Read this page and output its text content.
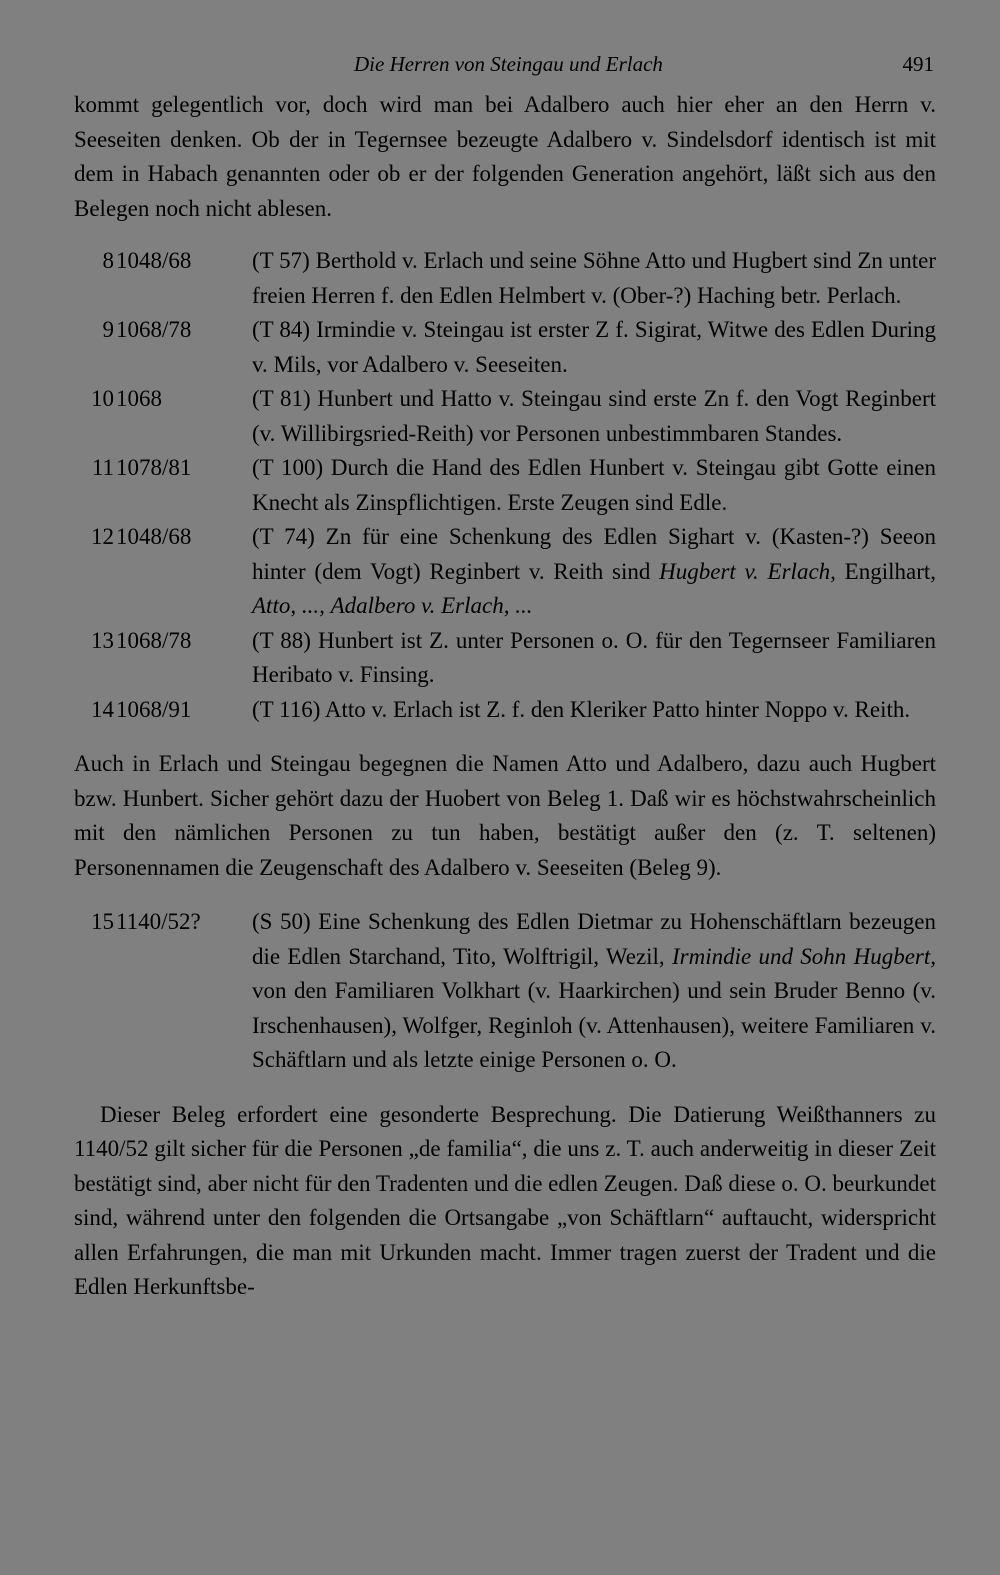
Die Herren von Steingau und Erlach	491

kommt gelegentlich vor, doch wird man bei Adalbero auch hier eher an den Herrn v. Seeseiten denken. Ob der in Tegernsee bezeugte Adalbero v. Sindelsdorf identisch ist mit dem in Habach genannten oder ob er der folgenden Generation angehört, läßt sich aus den Belegen noch nicht ablesen.

8 1048/68	(T 57) Berthold v. Erlach und seine Söhne Atto und Hugbert sind Zn unter freien Herren f. den Edlen Helmbert v. (Ober-?) Haching betr. Perlach.
9 1068/78	(T 84) Irmindie v. Steingau ist erster Z f. Sigirat, Witwe des Edlen During v. Mils, vor Adalbero v. Seeseiten.
10 1068	(T 81) Hunbert und Hatto v. Steingau sind erste Zn f. den Vogt Reginbert (v. Willibirgsried-Reith) vor Personen unbestimmbaren Standes.
11 1078/81	(T 100) Durch die Hand des Edlen Hunbert v. Steingau gibt Gotte einen Knecht als Zinspflichtigen. Erste Zeugen sind Edle.
12 1048/68	(T 74) Zn für eine Schenkung des Edlen Sighart v. (Kasten-?) Seeon hinter (dem Vogt) Reginbert v. Reith sind Hugbert v. Erlach, Engilhart, Atto, ..., Adalbero v. Erlach, ...
13 1068/78	(T 88) Hunbert ist Z. unter Personen o. O. für den Tegernseer Familiaren Heribato v. Finsing.
14 1068/91	(T 116) Atto v. Erlach ist Z. f. den Kleriker Patto hinter Noppo v. Reith.

Auch in Erlach und Steingau begegnen die Namen Atto und Adalbero, dazu auch Hugbert bzw. Hunbert. Sicher gehört dazu der Huobert von Beleg 1. Daß wir es höchstwahrscheinlich mit den nämlichen Personen zu tun haben, bestätigt außer den (z. T. seltenen) Personennamen die Zeugenschaft des Adalbero v. Seeseiten (Beleg 9).

15 1140/52?	(S 50) Eine Schenkung des Edlen Dietmar zu Hohenschäftlarn bezeugen die Edlen Starchand, Tito, Wolftrigil, Wezil, Irmindie und Sohn Hugbert, von den Familiaren Volkhart (v. Haarkirchen) und sein Bruder Benno (v. Irschenhausen), Wolfger, Reginloh (v. Attenhausen), weitere Familiaren v. Schäftlarn und als letzte einige Personen o. O.

Dieser Beleg erfordert eine gesonderte Besprechung. Die Datierung Weißthanners zu 1140/52 gilt sicher für die Personen „de familia“, die uns z. T. auch anderweitig in dieser Zeit bestätigt sind, aber nicht für den Tradenten und die edlen Zeugen. Daß diese o. O. beurkundet sind, während unter den folgenden die Ortsangabe „von Schäftlarn“ auftaucht, widerspricht allen Erfahrungen, die man mit Urkunden macht. Immer tragen zuerst der Tradent und die Edlen Herkunftsbe-
